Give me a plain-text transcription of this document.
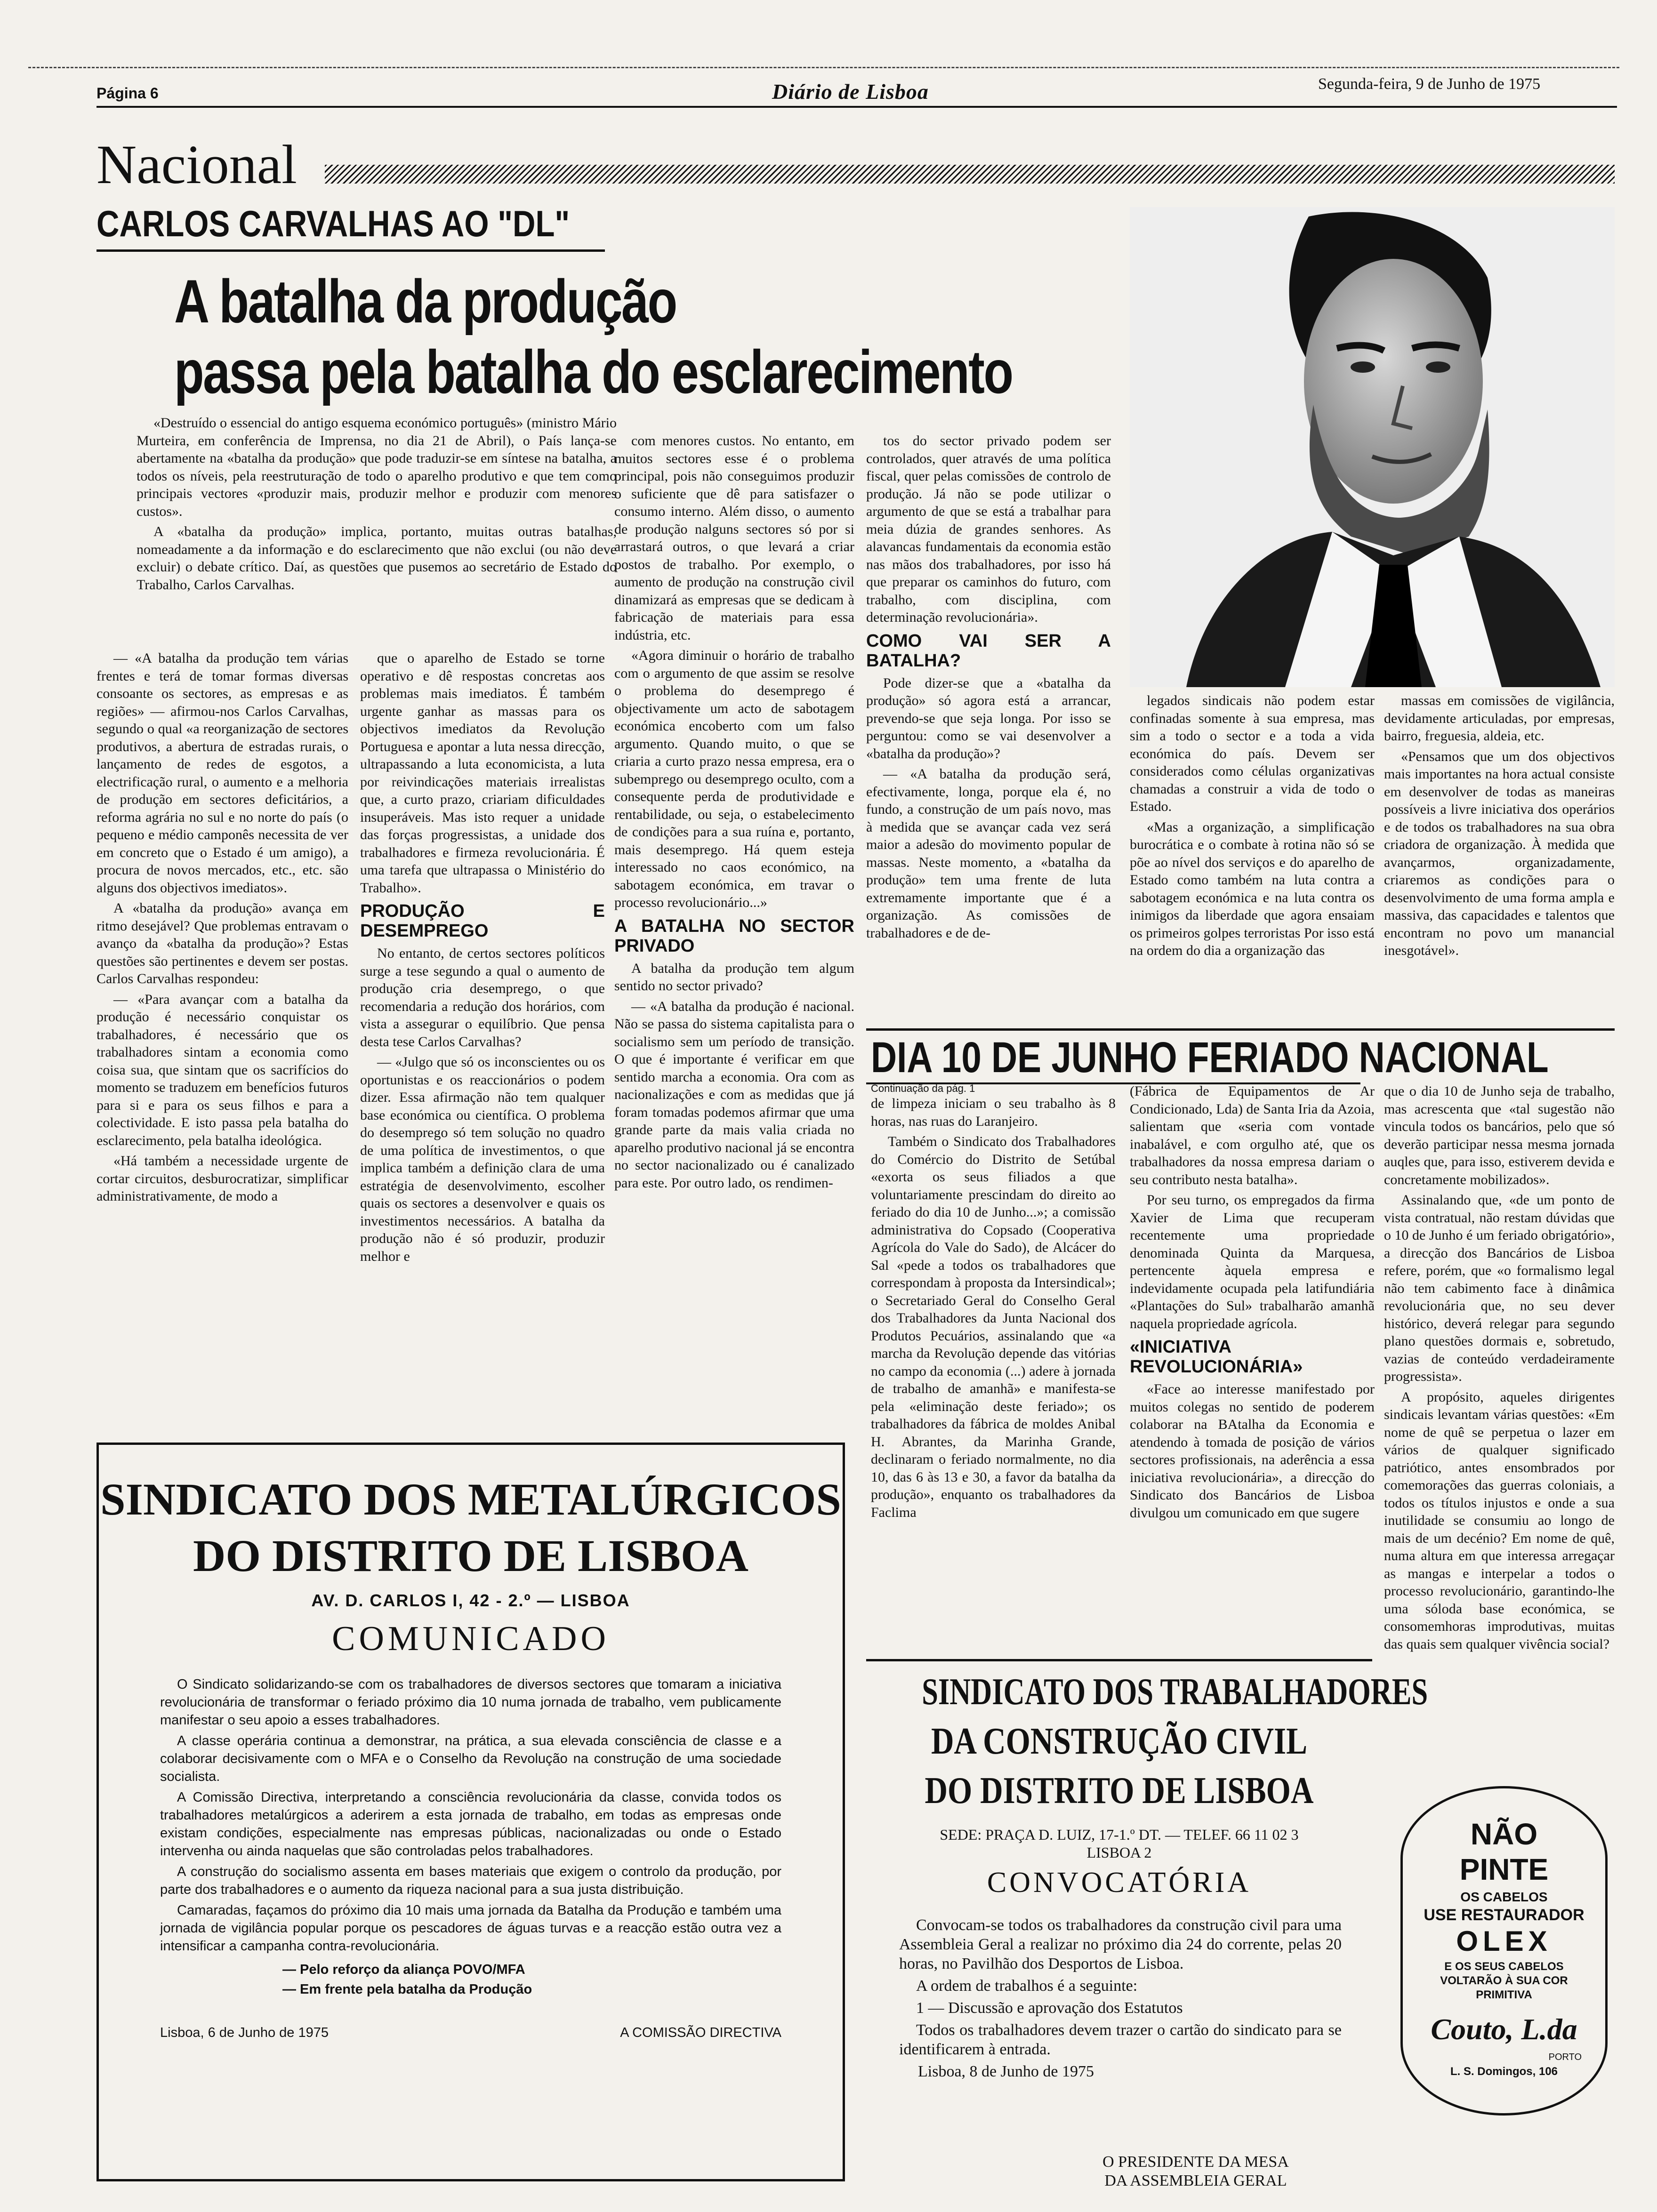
Página 6	Diário de Lisboa	Segunda-feira, 9 de Junho de 1975
Nacional
CARLOS CARVALHAS AO "DL"
A batalha da produção
passa pela batalha do esclarecimento

«Destruído o essencial do antigo esquema económico português» (ministro Mário Murteira, em conferência de Imprensa, no dia 21 de Abril), o País lança-se abertamente na «batalha da produção» que pode traduzir-se em síntese na batalha, a todos os níveis, pela reestruturação de todo o aparelho produtivo e que tem como principais vectores «produzir mais, produzir melhor e produzir com menores custos».

A «batalha da produção» implica, portanto, muitas outras batalhas, nomeadamente a da informação e do esclarecimento que não exclui (ou não deve excluir) o debate crítico. Daí, as questões que pusemos ao secretário de Estado do Trabalho, Carlos Carvalhas.

— «A batalha da produção tem várias frentes e terá de tomar formas diversas consoante os sectores, as empresas e as regiões» — afirmou-nos Carlos Carvalhas, segundo o qual «a reorganização de sectores produtivos, a abertura de estradas rurais, o lançamento de redes de esgotos, a electrificação rural, o aumento e a melhoria de produção em sectores deficitários, a reforma agrária no sul e no norte do país (o pequeno e médio camponês necessita de ver em concreto que o Estado é um amigo), a procura de novos mercados, etc., etc. são alguns dos objectivos imediatos».

A «batalha da produção» avança em ritmo desejável? Que problemas entravam o avanço da «batalha da produção»? Estas questões são pertinentes e devem ser postas. Carlos Carvalhas respondeu:

— «Para avançar com a batalha da produção é necessário conquistar os trabalhadores, é necessário que os trabalhadores sintam a economia como coisa sua, que sintam que os sacrifícios do momento se traduzem em benefícios futuros para si e para os seus filhos e para a colectividade. E isto passa pela batalha do esclarecimento, pela batalha ideológica.

«Há também a necessidade urgente de cortar circuitos, desburocratizar, simplificar administrativamente, de modo a

que o aparelho de Estado se torne operativo e dê respostas concretas aos problemas mais imediatos. É também urgente ganhar as massas para os objectivos imediatos da Revolução Portuguesa e apontar a luta nessa direcção, ultrapassando a luta economicista, a luta por reivindicações materiais irrealistas que, a curto prazo, criariam dificuldades insuperáveis. Mas isto requer a unidade das forças progressistas, a unidade dos trabalhadores e firmeza revolucionária. É uma tarefa que ultrapassa o Ministério do Trabalho».

PRODUÇÃO E DESEMPREGO

No entanto, de certos sectores políticos surge a tese segundo a qual o aumento de produção cria desemprego, o que recomendaria a redução dos horários, com vista a assegurar o equilíbrio. Que pensa desta tese Carlos Carvalhas?

— «Julgo que só os inconscientes ou os oportunistas e os reaccionários o podem dizer. Essa afirmação não tem qualquer base económica ou científica. O problema do desemprego só tem solução no quadro de uma política de investimentos, o que implica também a definição clara de uma estratégia de desenvolvimento, escolher quais os sectores a desenvolver e quais os investimentos necessários. A batalha da produção não é só produzir, produzir melhor e

com menores custos. No entanto, em muitos sectores esse é o problema principal, pois não conseguimos produzir o suficiente que dê para satisfazer o consumo interno. Além disso, o aumento de produção nalguns sectores só por si arrastará outros, o que levará a criar postos de trabalho. Por exemplo, o aumento de produção na construção civil dinamizará as empresas que se dedicam à fabricação de materiais para essa indústria, etc.

«Agora diminuir o horário de trabalho com o argumento de que assim se resolve o problema do desemprego é objectivamente um acto de sabotagem económica encoberto com um falso argumento. Quando muito, o que se criaria a curto prazo nessa empresa, era o subemprego ou desemprego oculto, com a consequente perda de produtividade e rentabilidade, ou seja, o estabelecimento de condições para a sua ruína e, portanto, mais desemprego. Há quem esteja interessado no caos económico, na sabotagem económica, em travar o processo revolucionário...»

A BATALHA NO SECTOR PRIVADO

A batalha da produção tem algum sentido no sector privado?

— «A batalha da produção é nacional. Não se passa do sistema capitalista para o socialismo sem um período de transição. O que é importante é verificar em que sentido marcha a economia. Ora com as nacionalizações e com as medidas que já foram tomadas podemos afirmar que uma grande parte da mais valia criada no aparelho produtivo nacional já se encontra no sector nacionalizado ou é canalizado para este. Por outro lado, os rendimen-

tos do sector privado podem ser controlados, quer através de uma política fiscal, quer pelas comissões de controlo de produção. Já não se pode utilizar o argumento de que se está a trabalhar para meia dúzia de grandes senhores. As alavancas fundamentais da economia estão nas mãos dos trabalhadores, por isso há que preparar os caminhos do futuro, com trabalho, com disciplina, com determinação revolucionária».

COMO VAI SER A BATALHA?

Pode dizer-se que a «batalha da produção» só agora está a arrancar, prevendo-se que seja longa. Por isso se perguntou: como se vai desenvolver a «batalha da produção»?

— «A batalha da produção será, efectivamente, longa, porque ela é, no fundo, a construção de um país novo, mas à medida que se avançar cada vez será maior a adesão do movimento popular de massas. Neste momento, a «batalha da produção» tem uma frente de luta extremamente importante que é a organização. As comissões de trabalhadores e de de-

legados sindicais não podem estar confinadas somente à sua empresa, mas sim a todo o sector e a toda a vida económica do país. Devem ser considerados como células organizativas chamadas a construir a vida de todo o Estado.

«Mas a organização, a simplificação burocrática e o combate à rotina não só se põe ao nível dos serviços e do aparelho de Estado como também na luta contra a sabotagem económica e na luta contra os inimigos da liberdade que agora ensaiam os primeiros golpes terroristas Por isso está na ordem do dia a organização das

massas em comissões de vigilância, devidamente articuladas, por empresas, bairro, freguesia, aldeia, etc.

«Pensamos que um dos objectivos mais importantes na hora actual consiste em desenvolver de todas as maneiras possíveis a livre iniciativa dos operários e de todos os trabalhadores na sua obra criadora de organização. À medida que avançarmos, organizadamente, criaremos as condições para o desenvolvimento de uma forma ampla e massiva, das capacidades e talentos que encontram no povo um manancial inesgotável».

DIA 10 DE JUNHO FERIADO NACIONAL
Continuação da pág. 1

de limpeza iniciam o seu trabalho às 8 horas, nas ruas do Laranjeiro.

Também o Sindicato dos Trabalhadores do Comércio do Distrito de Setúbal «exorta os seus filiados a que voluntariamente prescindam do direito ao feriado do dia 10 de Junho...»; a comissão administrativa do Copsado (Cooperativa Agrícola do Vale do Sado), de Alcácer do Sal «pede a todos os trabalhadores que correspondam à proposta da Intersindical»; o Secretariado Geral do Conselho Geral dos Trabalhadores da Junta Nacional dos Produtos Pecuários, assinalando que «a marcha da Revolução depende das vitórias no campo da economia (...) adere à jornada de trabalho de amanhã» e manifesta-se pela «eliminação deste feriado»; os trabalhadores da fábrica de moldes Anibal H. Abrantes, da Marinha Grande, declinaram o feriado normalmente, no dia 10, das 6 às 13 e 30, a favor da batalha da produção», enquanto os trabalhadores da Faclima

(Fábrica de Equipamentos de Ar Condicionado, Lda) de Santa Iria da Azoia, salientam que «seria com vontade inabalável, e com orgulho até, que os trabalhadores da nossa empresa dariam o seu contributo nesta batalha».

Por seu turno, os empregados da firma Xavier de Lima que recuperam recentemente uma propriedade denominada Quinta da Marquesa, pertencente àquela empresa e indevidamente ocupada pela latifundiária «Plantações do Sul» trabalharão amanhã naquela propriedade agrícola.

«INICIATIVA REVOLUCIONÁRIA»

«Face ao interesse manifestado por muitos colegas no sentido de poderem colaborar na BAtalha da Economia e atendendo à tomada de posição de vários sectores profissionais, na aderência a essa iniciativa revolucionária», a direcção do Sindicato dos Bancários de Lisboa divulgou um comunicado em que sugere

que o dia 10 de Junho seja de trabalho, mas acrescenta que «tal sugestão não vincula todos os bancários, pelo que só deverão participar nessa mesma jornada auqles que, para isso, estiverem devida e concretamente mobilizados».

Assinalando que, «de um ponto de vista contratual, não restam dúvidas que o 10 de Junho é um feriado obrigatório», a direcção dos Bancários de Lisboa refere, porém, que «o formalismo legal não tem cabimento face à dinâmica revolucionária que, no seu dever histórico, deverá relegar para segundo plano questões dormais e, sobretudo, vazias de conteúdo verdadeiramente progressista».

A propósito, aqueles dirigentes sindicais levantam várias questões: «Em nome de quê se perpetua o lazer em vários de qualquer significado patriótico, antes ensombrados por comemorações das guerras coloniais, a todos os títulos injustos e onde a sua inutilidade se consumiu ao longo de mais de um decénio? Em nome de quê, numa altura em que interessa arregaçar as mangas e interpelar a todos o processo revolucionário, garantindo-lhe uma sóloda base económica, se consomemhoras improdutivas, muitas das quais sem qualquer vivência social?

SINDICATO DOS METALÚRGICOS
DO DISTRITO DE LISBOA
AV. D. CARLOS I, 42 - 2.º — LISBOA
COMUNICADO

O Sindicato solidarizando-se com os trabalhadores de diversos sectores que tomaram a iniciativa revolucionária de transformar o feriado próximo dia 10 numa jornada de trabalho, vem publicamente manifestar o seu apoio a esses trabalhadores.

A classe operária continua a demonstrar, na prática, a sua elevada consciência de classe e a colaborar decisivamente com o MFA e o Conselho da Revolução na construção de uma sociedade socialista.

A Comissão Directiva, interpretando a consciência revolucionária da classe, convida todos os trabalhadores metalúrgicos a aderirem a esta jornada de trabalho, em todas as empresas onde existam condições, especialmente nas empresas públicas, nacionalizadas ou onde o Estado intervenha ou ainda naquelas que são controladas pelos trabalhadores.

A construção do socialismo assenta em bases materiais que exigem o controlo da produção, por parte dos trabalhadores e o aumento da riqueza nacional para a sua justa distribuição.

Camaradas, façamos do próximo dia 10 mais uma jornada da Batalha da Produção e também uma jornada de vigilância popular porque os pescadores de águas turvas e a reacção estão outra vez a intensificar a campanha contra-revolucionária.

— Pelo reforço da aliança POVO/MFA
— Em frente pela batalha da Produção
Lisboa, 6 de Junho de 1975	A COMISSÃO DIRECTIVA
SINDICATO DOS TRABALHADORES
DA CONSTRUÇÃO CIVIL
DO DISTRITO DE LISBOA
SEDE: PRAÇA D. LUIZ, 17-1.º DT. — TELEF. 66 11 02 3
LISBOA 2
CONVOCATÓRIA

Convocam-se todos os trabalhadores da construção civil para uma Assembleia Geral a realizar no próximo dia 24 do corrente, pelas 20 horas, no Pavilhão dos Desportos de Lisboa.

A ordem de trabalhos é a seguinte:

1 — Discussão e aprovação dos Estatutos

Todos os trabalhadores devem trazer o cartão do sindicato para se identificarem à entrada.

Lisboa, 8 de Junho de 1975
O PRESIDENTE DA MESA
DA ASSEMBLEIA GERAL
NÃO
PINTE
OS CABELOS
USE RESTAURADOR
OLEX
E OS SEUS CABELOS
VOLTARÃO À SUA COR
PRIMITIVA
Couto, L.da
PORTO
L. S. Domingos, 106
